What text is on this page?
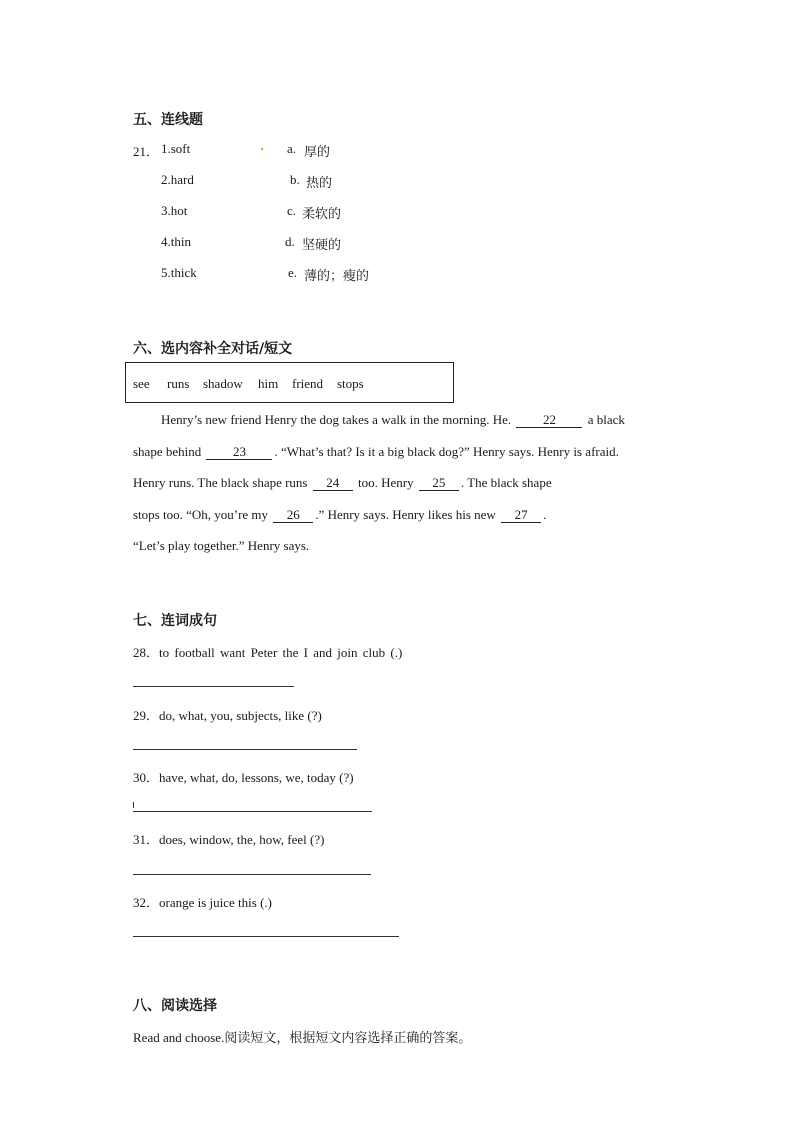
五、连线题
21． 1.soft
2.hard
3.hot
4.thin
5.thick
a. 厚的
b. 热的
c. 柔软的
d. 坚硬的
e. 薄的；瘦的
六、选内容补全对话/短文
see runs shadow him friend stops
Henry’s new friend Henry the dog takes a walk in the morning. He. 22 a black
shape behind 23 . “What’s that? Is it a big black dog?” Henry says. Henry is afraid.
Henry runs. The black shape runs 24 too. Henry 25 . The black shape
stops too. “Oh, you’re my 26 .” Henry says. Henry likes his new 27 .
“Let’s play together.” Henry says.
七、连词成句
28．to football want Peter the I and join club (.)
29．do, what, you, subjects, like (?)
30．have, what, do, lessons, we, today (?)
31．does, window, the, how, feel (?)
32．orange is juice this (.)
八、阅读选择
Read and choose.阅读短文，根据短文内容选择正确的答案。
